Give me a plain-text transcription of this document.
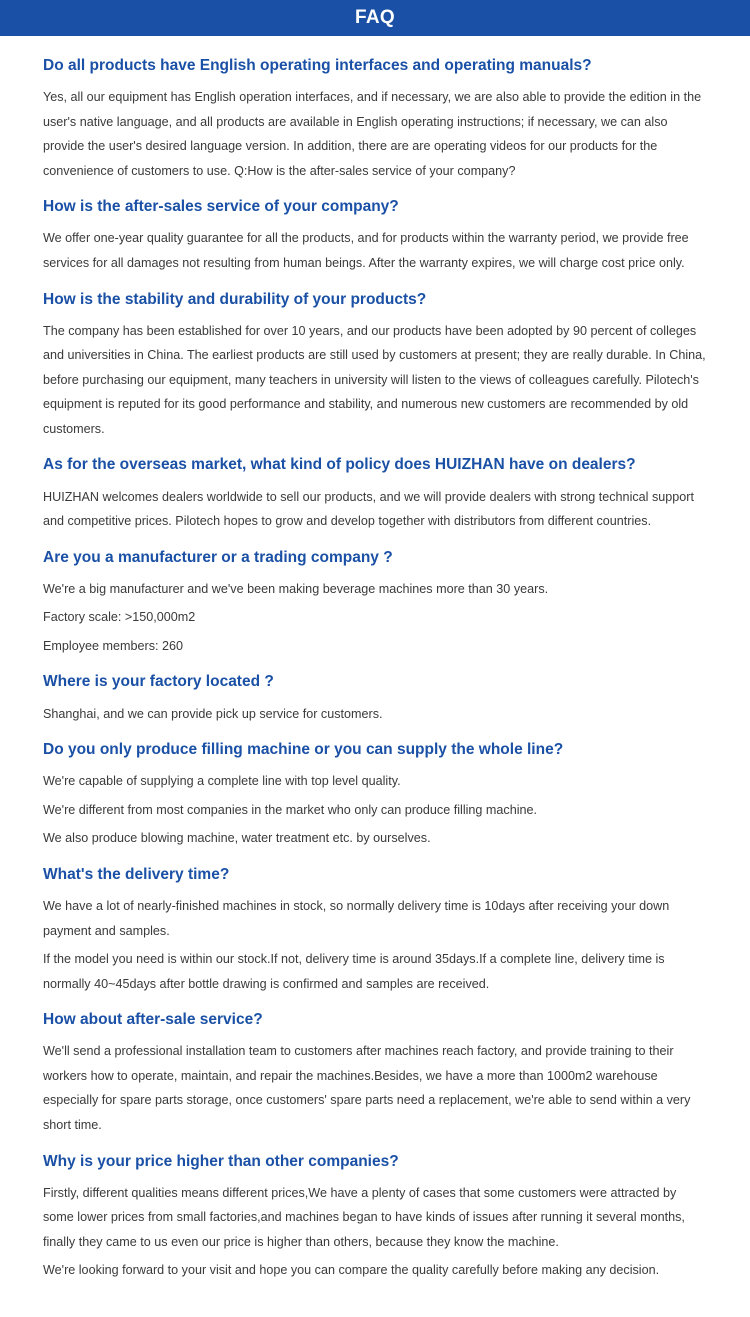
FAQ
Do all products have English operating interfaces and operating manuals?

Yes, all our equipment has English operation interfaces, and if necessary, we are also able to provide the edition in the user's native language, and all products are available in English operating instructions; if necessary, we can also provide the user's desired language version. In addition, there are are operating videos for our products for the convenience of customers to use. Q:How is the after-sales service of your company?

How is the after-sales service of your company?

We offer one-year quality guarantee for all the products, and for products within the warranty period, we provide free services for all damages not resulting from human beings. After the warranty expires, we will charge cost price only.

How is the stability and durability of your products?

The company has been established for over 10 years, and our products have been adopted by 90 percent of colleges and universities in China. The earliest products are still used by customers at present; they are really durable. In China, before purchasing our equipment, many teachers in university will listen to the views of colleagues carefully. Pilotech's equipment is reputed for its good performance and stability, and numerous new customers are recommended by old customers.

As for the overseas market, what kind of policy does HUIZHAN have on dealers?

HUIZHAN welcomes dealers worldwide to sell our products, and we will provide dealers with strong technical support and competitive prices. Pilotech hopes to grow and develop together with distributors from different countries.

Are you a manufacturer or a trading company ?

We're a big manufacturer and we've been making beverage machines more than 30 years.

Factory scale: >150,000m2

Employee members: 260

Where is your factory located ?

Shanghai, and we can provide pick up service for customers.

Do you only produce filling machine or you can supply the whole line?

We're capable of supplying a complete line with top level quality.

We're different from most companies in the market who only can produce filling machine.

We also produce blowing machine, water treatment etc. by ourselves.

What's the delivery time?

We have a lot of nearly-finished machines in stock, so normally delivery time is 10days after receiving your down payment and samples.

If the model you need is within our stock.If not, delivery time is around 35days.If a complete line, delivery time is normally 40~45days after bottle drawing is confirmed and samples are received.

How about after-sale service?

We'll send a professional installation team to customers after machines reach factory, and provide training to their workers how to operate, maintain, and repair the machines.Besides, we have a more than 1000m2 warehouse especially for spare parts storage, once customers' spare parts need a replacement, we're able to send within a very short time.

Why is your price higher than other companies?

Firstly, different qualities means different prices,We have a plenty of cases that some customers were attracted by some lower prices from small factories,and machines began to have kinds of issues after running it several months, finally they came to us even our price is higher than others, because they know the machine.

We're looking forward to your visit and hope you can compare the quality carefully before making any decision.
